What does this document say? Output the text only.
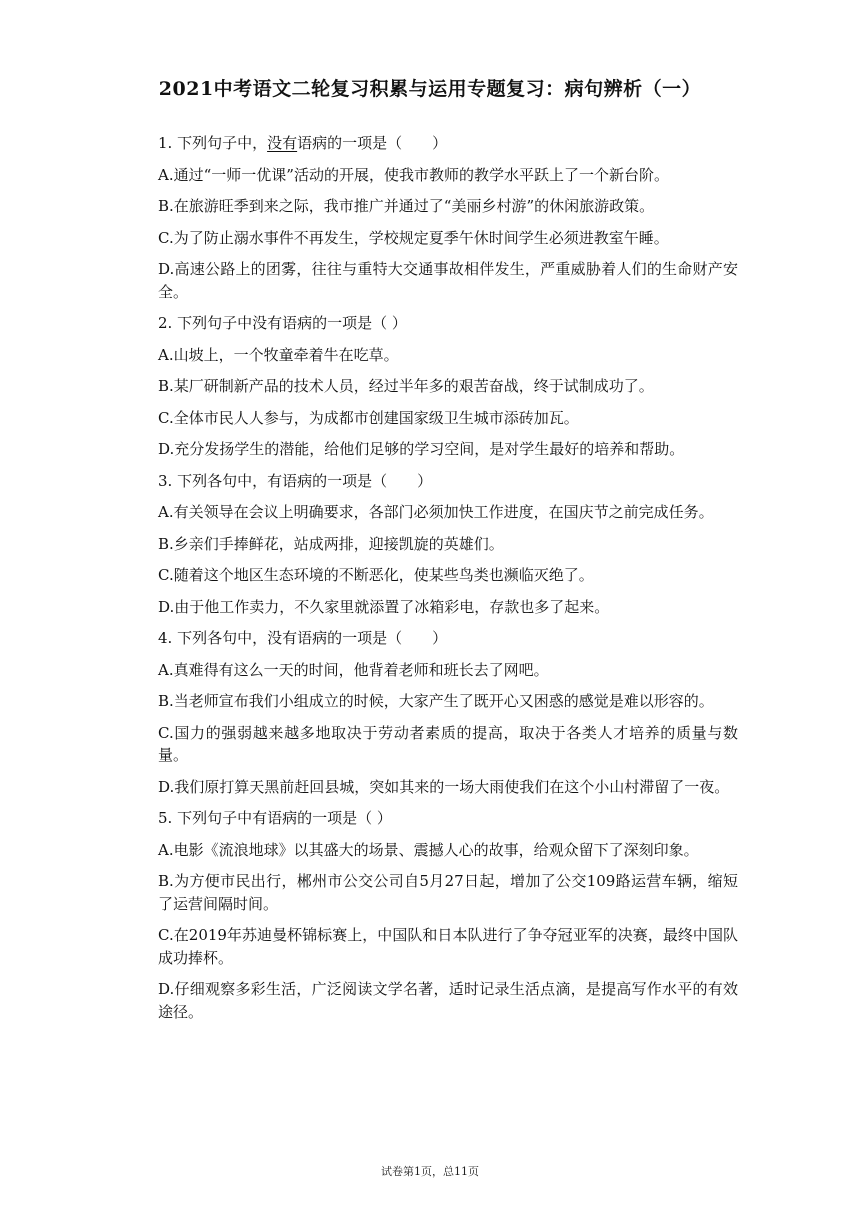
2021中考语文二轮复习积累与运用专题复习：病句辨析（一）

1. 下列句子中，没有语病的一项是（　　）

A.通过“一师一优课”活动的开展，使我市教师的教学水平跃上了一个新台阶。

B.在旅游旺季到来之际，我市推广并通过了“美丽乡村游”的休闲旅游政策。

C.为了防止溺水事件不再发生，学校规定夏季午休时间学生必须进教室午睡。

D.高速公路上的团雾，往往与重特大交通事故相伴发生，严重威胁着人们的生命财产安全。

2. 下列句子中没有语病的一项是（ ）

A.山坡上，一个牧童牵着牛在吃草。

B.某厂研制新产品的技术人员，经过半年多的艰苦奋战，终于试制成功了。

C.全体市民人人参与，为成都市创建国家级卫生城市添砖加瓦。

D.充分发扬学生的潜能，给他们足够的学习空间，是对学生最好的培养和帮助。

3. 下列各句中，有语病的一项是（　　）

A.有关领导在会议上明确要求，各部门必须加快工作进度，在国庆节之前完成任务。

B.乡亲们手捧鲜花，站成两排，迎接凯旋的英雄们。

C.随着这个地区生态环境的不断恶化，使某些鸟类也濒临灭绝了。

D.由于他工作卖力，不久家里就添置了冰箱彩电，存款也多了起来。

4. 下列各句中，没有语病的一项是（　　）

A.真难得有这么一天的时间，他背着老师和班长去了网吧。

B.当老师宣布我们小组成立的时候，大家产生了既开心又困惑的感觉是难以形容的。

C.国力的强弱越来越多地取决于劳动者素质的提高，取决于各类人才培养的质量与数量。

D.我们原打算天黑前赶回县城，突如其来的一场大雨使我们在这个小山村滞留了一夜。

5. 下列句子中有语病的一项是（ ）

A.电影《流浪地球》以其盛大的场景、震撼人心的故事，给观众留下了深刻印象。

B.为方便市民出行，郴州市公交公司自5月27日起，增加了公交109路运营车辆，缩短了运营间隔时间。

C.在2019年苏迪曼杯锦标赛上，中国队和日本队进行了争夺冠亚军的决赛，最终中国队成功捧杯。

D.仔细观察多彩生活，广泛阅读文学名著，适时记录生活点滴，是提高写作水平的有效途径。

试卷第1页，总11页
